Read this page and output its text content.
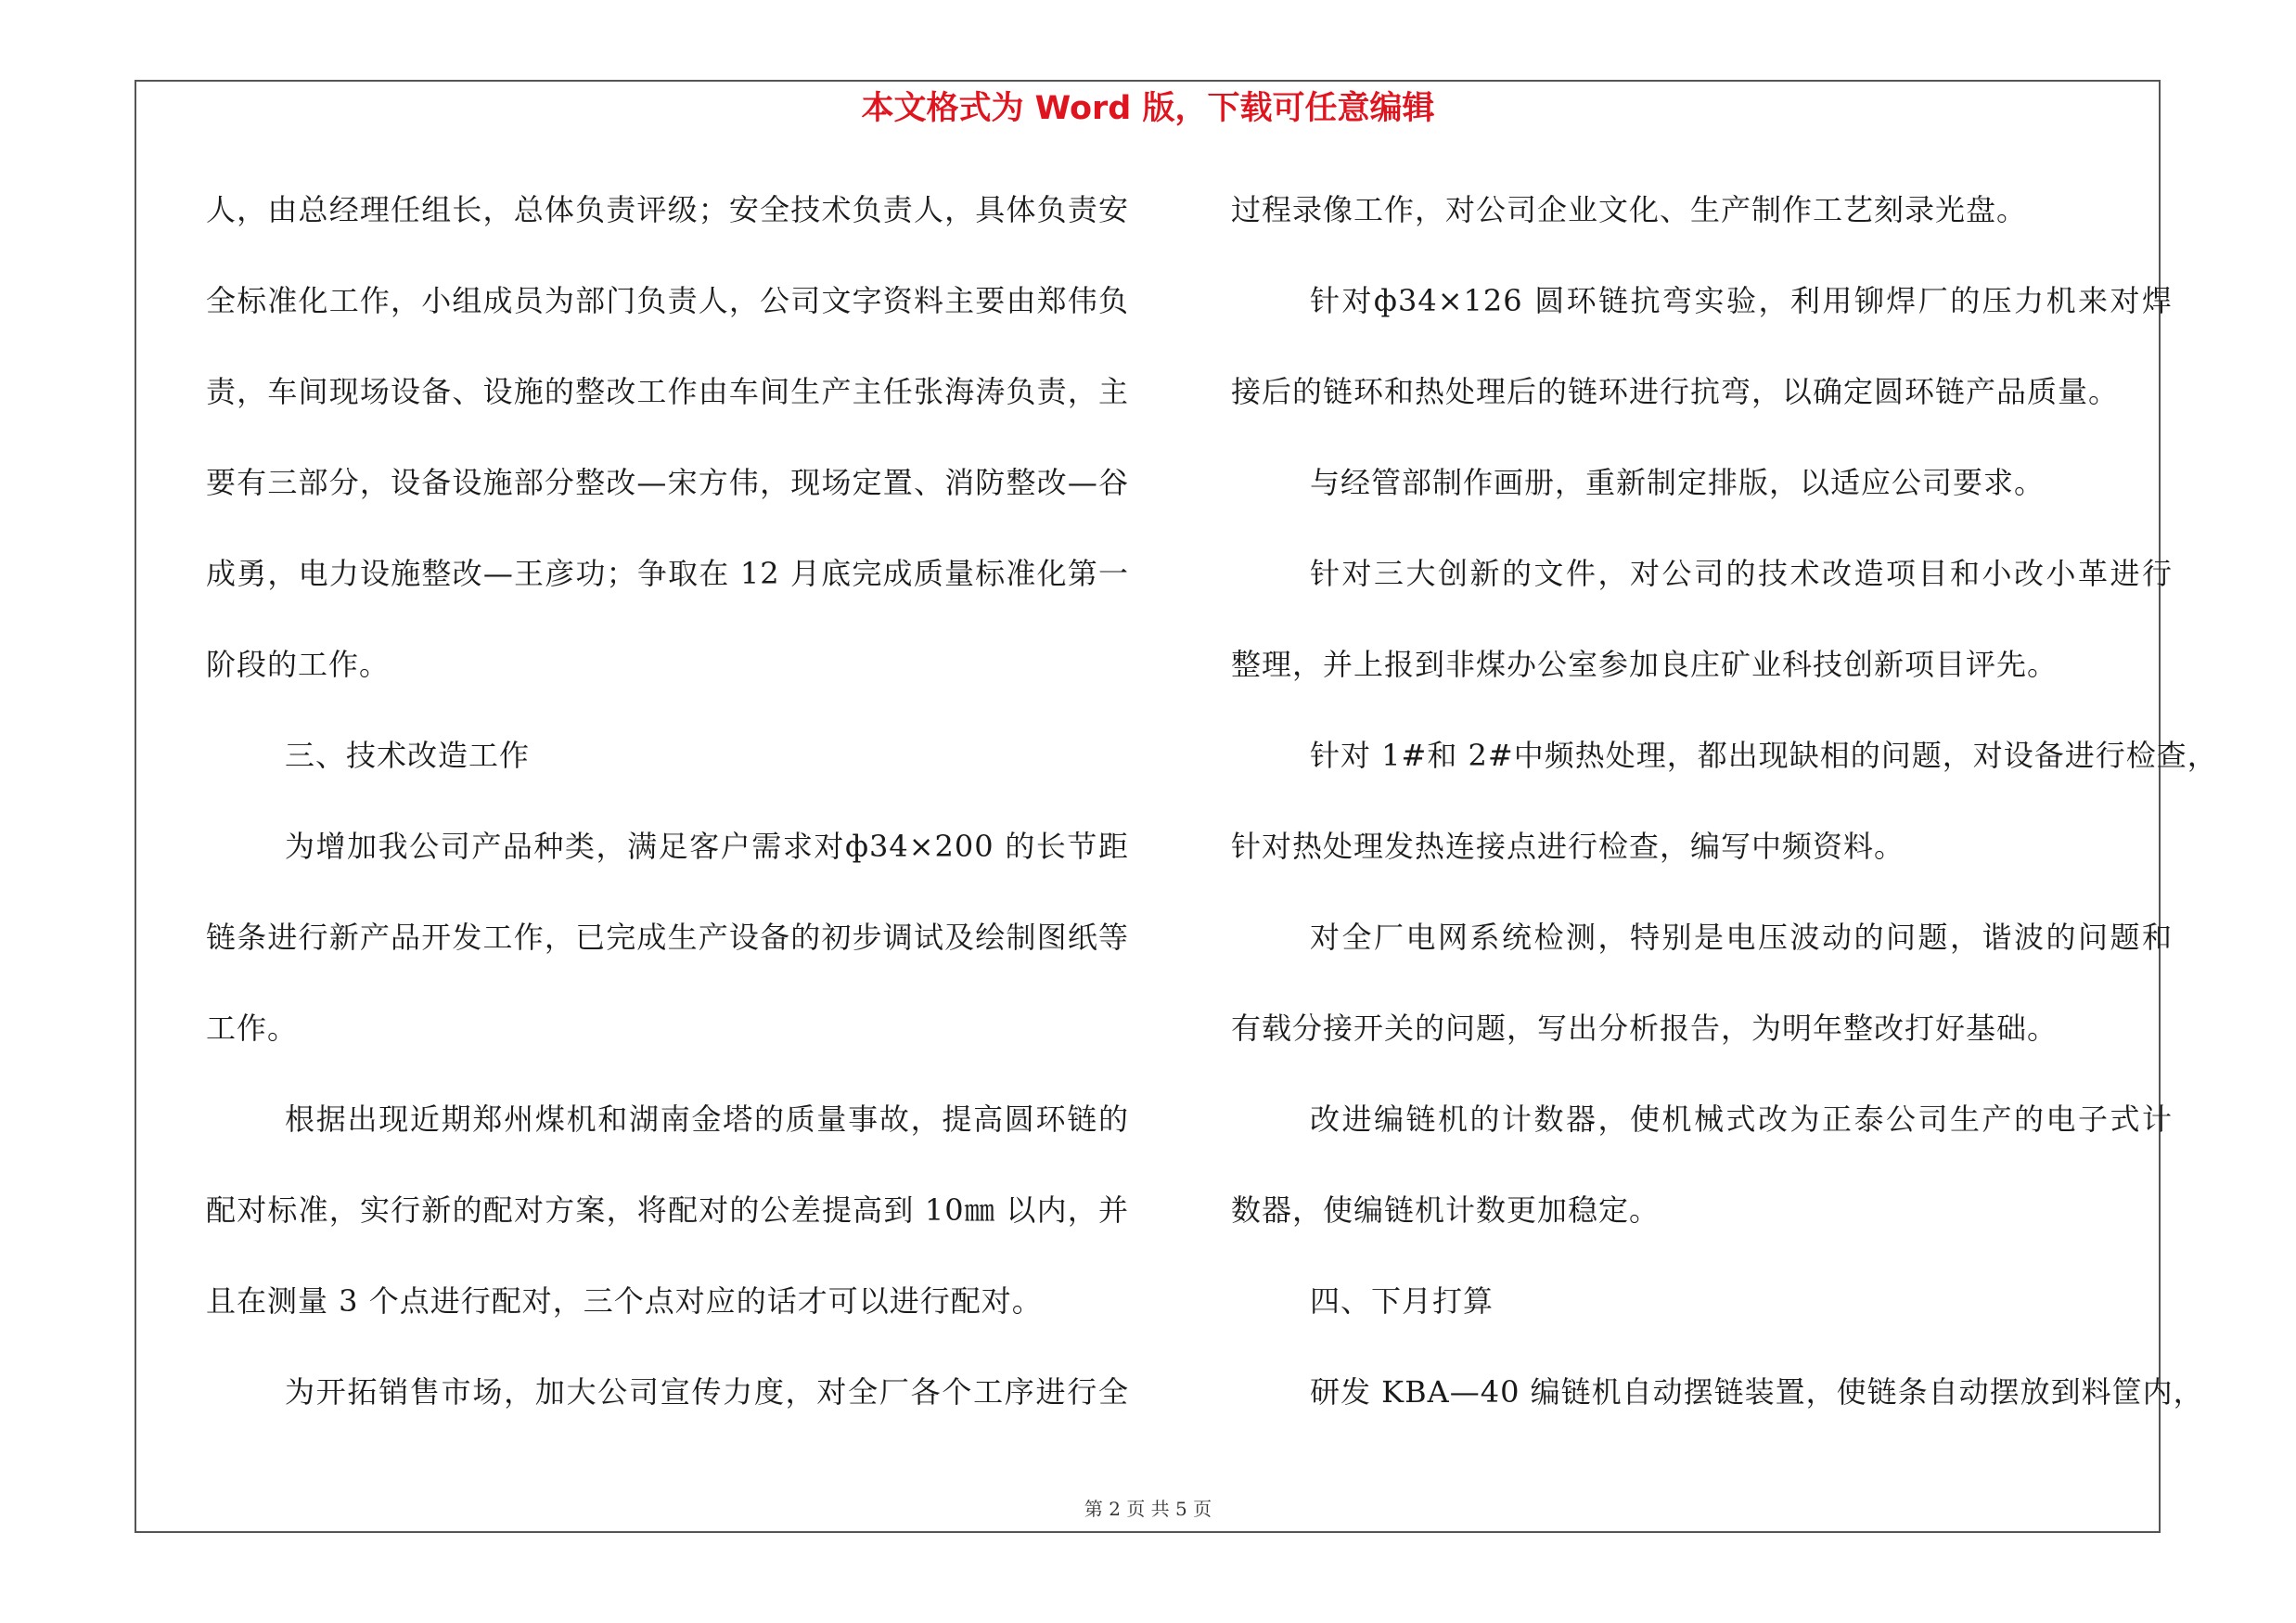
本文格式为 Word 版，下载可任意编辑
人，由总经理任组长，总体负责评级；安全技术负责人，具体负责安
全标准化工作，小组成员为部门负责人，公司文字资料主要由郑伟负
责，车间现场设备、设施的整改工作由车间生产主任张海涛负责，主
要有三部分，设备设施部分整改—宋方伟，现场定置、消防整改—谷
成勇，电力设施整改—王彦功；争取在 12 月底完成质量标准化第一
阶段的工作。
三、技术改造工作
为增加我公司产品种类，满足客户需求对ф34×200 的长节距
链条进行新产品开发工作，已完成生产设备的初步调试及绘制图纸等
工作。
根据出现近期郑州煤机和湖南金塔的质量事故，提高圆环链的
配对标准，实行新的配对方案，将配对的公差提高到 10㎜ 以内，并
且在测量 3 个点进行配对，三个点对应的话才可以进行配对。
为开拓销售市场，加大公司宣传力度，对全厂各个工序进行全
过程录像工作，对公司企业文化、生产制作工艺刻录光盘。
针对ф34×126 圆环链抗弯实验，利用铆焊厂的压力机来对焊
接后的链环和热处理后的链环进行抗弯，以确定圆环链产品质量。
与经管部制作画册，重新制定排版，以适应公司要求。
针对三大创新的文件，对公司的技术改造项目和小改小革进行
整理，并上报到非煤办公室参加良庄矿业科技创新项目评先。
针对 1#和 2#中频热处理，都出现缺相的问题，对设备进行检查，
针对热处理发热连接点进行检查，编写中频资料。
对全厂电网系统检测，特别是电压波动的问题，谐波的问题和
有载分接开关的问题，写出分析报告，为明年整改打好基础。
改进编链机的计数器，使机械式改为正泰公司生产的电子式计
数器，使编链机计数更加稳定。
四、下月打算
研发 KBA—40 编链机自动摆链装置，使链条自动摆放到料筐内，
第 2 页 共 5 页
